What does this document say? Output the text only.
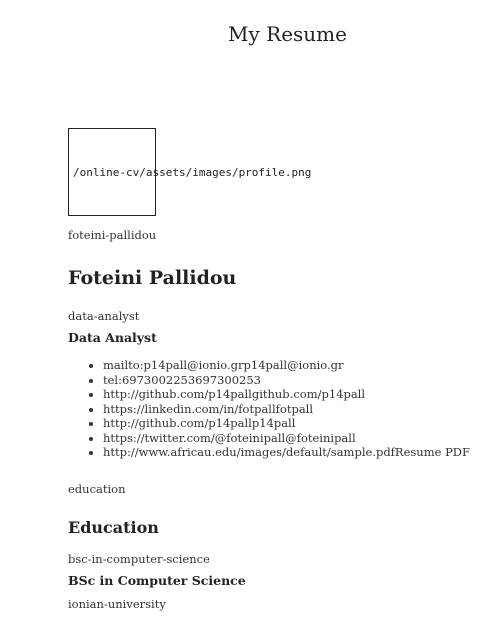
My Resume
/online-cv/assets/images/profile.png
foteini-pallidou
Foteini Pallidou
data-analyst
Data Analyst
• mailto:p14pall@ionio.grp14pall@ionio.gr
• tel:6973002253697300253
• http://github.com/p14pallgithub.com/p14pall
• https://linkedin.com/in/fotpallfotpall
• http://github.com/p14pallp14pall
• https://twitter.com/@foteinipall@foteinipall
• http://www.africau.edu/images/default/sample.pdfResume PDF
education
Education
bsc-in-computer-science
BSc in Computer Science
ionian-university
